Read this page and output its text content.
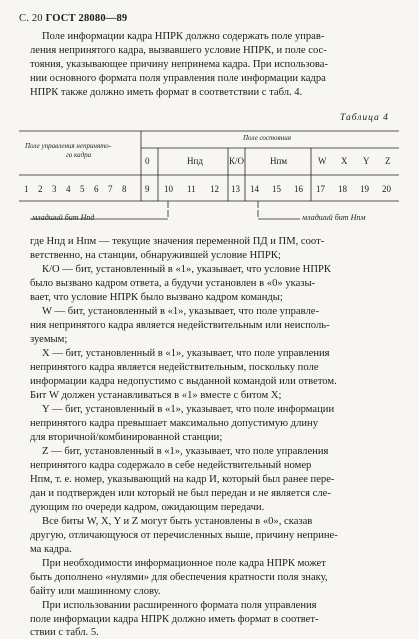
С. 20 ГОСТ 28080—89
Поле информации кадра НПРК должно содержать поле управ-
ления непринятого кадра, вызвавшего условие НПРК, и поле сос-
тояния, указывающее причину непринема кадра. При использова-
нии основного формата поля управления поле информации кадра
НПРК также должно иметь формат в соответствии с табл. 4.
Таблица 4
Поле управления непринято-
го кадра
Поле состояния
0	Hпд	К/О	Hпм	W X Y Z
1 2 3 4 5 6 7 8 9 10 11 12 13 14 15 16 17 18 19 20
младший бит Нпд	младший бит Нпм
где Нпд и Нпм — текущие значения переменной ПД и ПМ, соот-
ветственно, на станции, обнаружившей условие НПРК;
К/О — бит, установленный в «1», указывает, что условие НПРК
было вызвано кадром ответа, а будучи установлен в «0» указы-
вает, что условие НПРК было вызвано кадром команды;
W — бит, установленный в «1», указывает, что поле управле-
ния непринятого кадра является недействительным или неисполь-
зуемым;
X — бит, установленный в «1», указывает, что поле управления
непринятого кадра является недействительным, поскольку поле
информации кадра недопустимо с выданной командой или ответом.
Бит W должен устанавливаться в «1» вместе с битом X;
Y — бит, установленный в «1», указывает, что поле информации
непринятого кадра превышает максимально допустимую длину
для вторичной/комбинированной станции;
Z — бит, установленный в «1», указывает, что поле управления
непринятого кадра содержало в себе недействительный номер
Нпм, т. е. номер, указывающий на кадр И, который был ранее пере-
дан и подтвержден или который не был передан и не является сле-
дующим по очереди кадром, ожидающим передачи.
Все биты W, X, Y и Z могут быть установлены в «0», сказав
другую, отличающуюся от перечисленных выше, причину неприне-
ма кадра.
При необходимости информационное поле кадра НПРК может
быть дополнено «нулями» для обеспечения кратности поля знаку,
байту или машинному слову.
При использовании расширенного формата поля управления
поле информации кадра НПРК должно иметь формат в соответ-
ствии с табл. 5.
